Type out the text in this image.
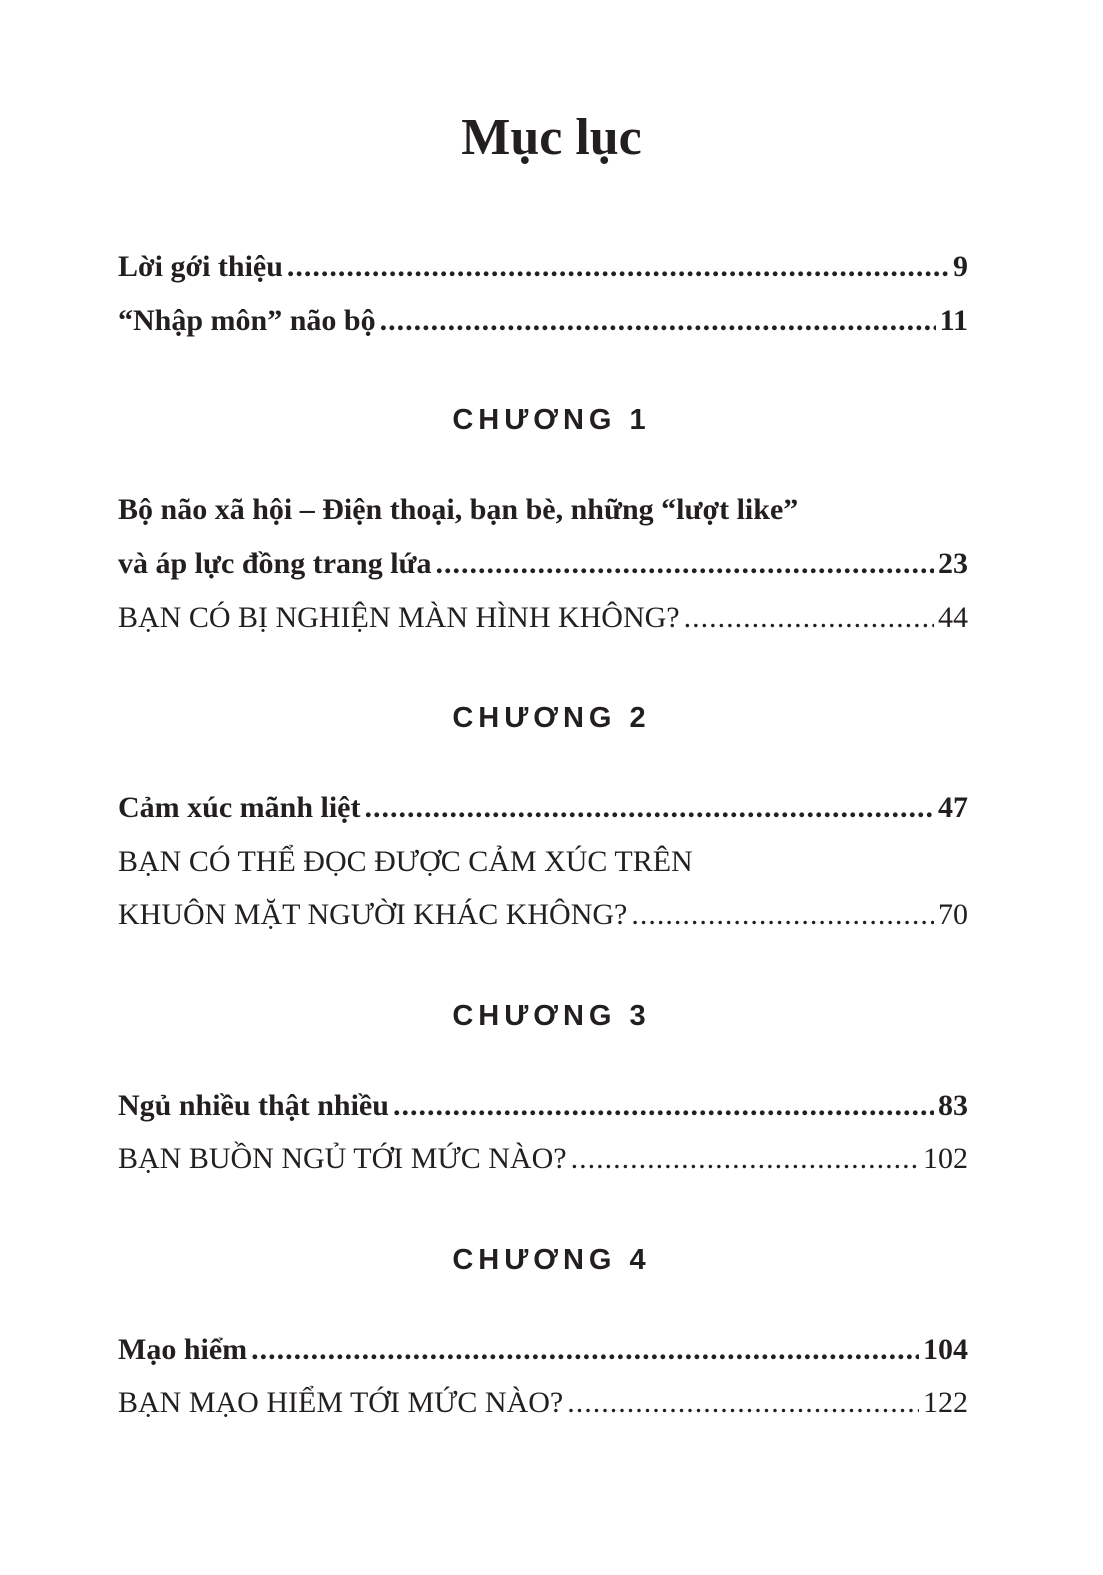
Mục lục
Lời gới thiệu .....	9
“Nhập môn” não bộ .....	11
CHƯƠNG 1
Bộ não xã hội – Điện thoại, bạn bè, những “lượt like”
và áp lực đồng trang lứa .....	23
BẠN CÓ BỊ NGHIỆN MÀN HÌNH KHÔNG? .....	44
CHƯƠNG 2
Cảm xúc mãnh liệt .....	47
BẠN CÓ THỂ ĐỌC ĐƯỢC CẢM XÚC TRÊN
KHUÔN MẶT NGƯỜI KHÁC KHÔNG? .....	70
CHƯƠNG 3
Ngủ nhiều thật nhiều .....	83
BẠN BUỒN NGỦ TỚI MỨC NÀO? .....	102
CHƯƠNG 4
Mạo hiểm .....	104
BẠN MẠO HIỂM TỚI MỨC NÀO? .....	122
